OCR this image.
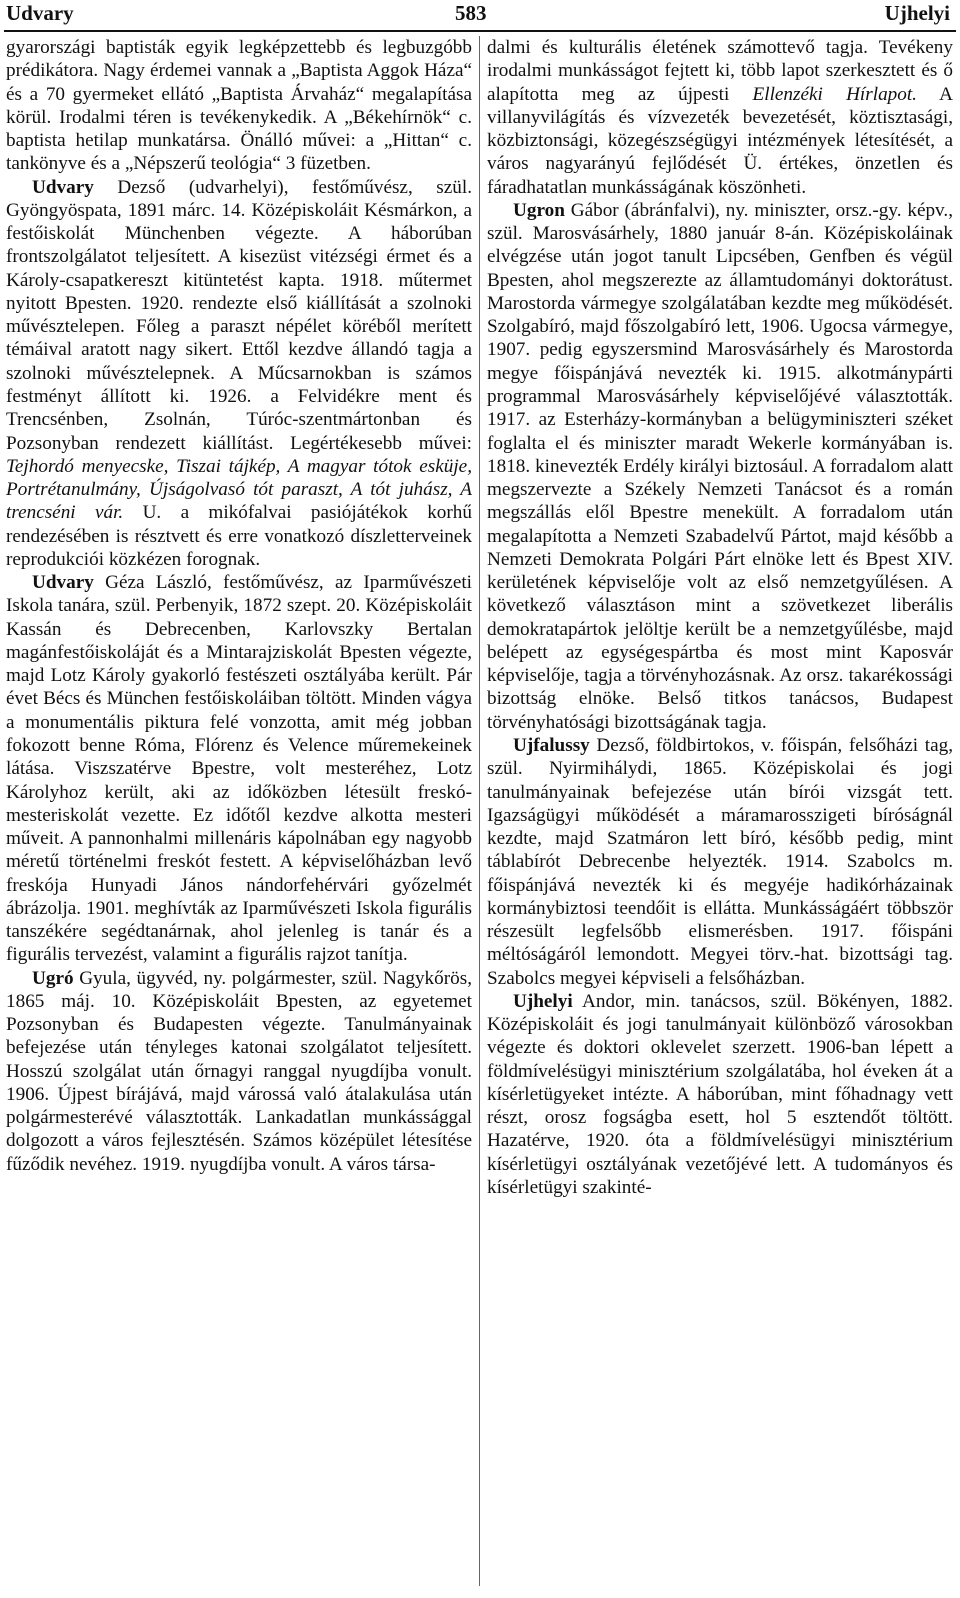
Udvary	583	Ujhelyi

gyarországi baptisták egyik legképzettebb és legbuzgóbb prédikátora. Nagy érdemei vannak a „Baptista Aggok Háza“ és a 70 gyermeket ellátó „Baptista Árvaház“ megalapítása körül. Irodalmi téren is tevékenykedik. A „Békehírnök“ c. baptista hetilap munkatársa. Önálló művei: a „Hittan“ c. tankönyve és a „Népszerű teológia“ 3 füzetben.

Udvary Dezső (udvarhelyi), festőművész, szül. Gyöngyöspata, 1891 márc. 14. Középiskoláit Késmárkon, a festőiskolát Münchenben végezte. A háborúban frontszolgálatot teljesített. A kisezüst vitézségi érmet és a Károly-csapatkereszt kitüntetést kapta. 1918. műtermet nyitott Bpesten. 1920. rendezte első kiállítását a szolnoki művésztelepen. Főleg a paraszt népélet köréből merített témáival aratott nagy sikert. Ettől kezdve állandó tagja a szolnoki művésztelepnek. A Műcsarnokban is számos festményt állított ki. 1926. a Felvidékre ment és Trencsénben, Zsolnán, Túróc-szentmártonban és Pozsonyban rendezett kiállítást. Legértékesebb művei: Tejhordó menyecske, Tiszai tájkép, A magyar tótok esküje, Portrétanulmány, Újságolvasó tót paraszt, A tót juhász, A trencséni vár. U. a mikófalvai pasiójátékok korhű rendezésében is résztvett és erre vonatkozó díszletterveinek reprodukciói közkézen forognak.

Udvary Géza László, festőművész, az Iparművészeti Iskola tanára, szül. Perbenyik, 1872 szept. 20. Középiskoláit Kassán és Debrecenben, Karlovszky Bertalan magánfestőiskoláját és a Mintarajziskolát Bpesten végezte, majd Lotz Károly gyakorló festészeti osztályába került. Pár évet Bécs és München festőiskoláiban töltött. Minden vágya a monumentális piktura felé vonzotta, amit még jobban fokozott benne Róma, Flórenz és Velence műremekeinek látása. Viszszatérve Bpestre, volt mesteréhez, Lotz Károlyhoz került, aki az időközben létesült freskó-mesteriskolát vezette. Ez időtől kezdve alkotta mesteri műveit. A pannonhalmi millenáris kápolnában egy nagyobb méretű történelmi freskót festett. A képviselőházban levő freskója Hunyadi János nándorfehérvári győzelmét ábrázolja. 1901. meghívták az Iparművészeti Iskola figurális tanszékére segédtanárnak, ahol jelenleg is tanár és a figurális tervezést, valamint a figurális rajzot tanítja.

Ugró Gyula, ügyvéd, ny. polgármester, szül. Nagykőrös, 1865 máj. 10. Középiskoláit Bpesten, az egyetemet Pozsonyban és Budapesten végezte. Tanulmányainak befejezése után tényleges katonai szolgálatot teljesített. Hosszú szolgálat után őrnagyi ranggal nyugdíjba vonult. 1906. Újpest bírájává, majd várossá való átalakulása után polgármesterévé választották. Lankadatlan munkássággal dolgozott a város fejlesztésén. Számos középület létesítése fűződik nevéhez. 1919. nyugdíjba vonult. A város társa-

dalmi és kulturális életének számottevő tagja. Tevékeny irodalmi munkásságot fejtett ki, több lapot szerkesztett és ő alapította meg az újpesti Ellenzéki Hírlapot. A villanyvilágítás és vízvezeték bevezetését, köztisztasági, közbiztonsági, közegészségügyi intézmények létesítését, a város nagyarányú fejlődését Ü. értékes, önzetlen és fáradhatatlan munkásságának köszönheti.

Ugron Gábor (ábránfalvi), ny. miniszter, orsz.-gy. képv., szül. Marosvásárhely, 1880 január 8-án. Középiskoláinak elvégzése után jogot tanult Lipcsében, Genfben és végül Bpesten, ahol megszerezte az államtudományi doktorátust. Marostorda vármegye szolgálatában kezdte meg működését. Szolgabíró, majd főszolgabíró lett, 1906. Ugocsa vármegye, 1907. pedig egyszersmind Marosvásárhely és Marostorda megye főispánjává nevezték ki. 1915. alkotmánypárti programmal Marosvásárhely képviselőjévé választották. 1917. az Esterházy-kormányban a belügyminiszteri széket foglalta el és miniszter maradt Wekerle kormányában is. 1818. kinevezték Erdély királyi biztosául. A forradalom alatt megszervezte a Székely Nemzeti Tanácsot és a román megszállás elől Bpestre menekült. A forradalom után megalapította a Nemzeti Szabadelvű Pártot, majd később a Nemzeti Demokrata Polgári Párt elnöke lett és Bpest XIV. kerületének képviselője volt az első nemzetgyűlésen. A következő választáson mint a szövetkezet liberális demokratapártok jelöltje került be a nemzetgyűlésbe, majd belépett az egységespártba és most mint Kaposvár képviselője, tagja a törvényhozásnak. Az orsz. takarékossági bizottság elnöke. Belső titkos tanácsos, Budapest törvényhatósági bizottságának tagja.

Ujfalussy Dezső, földbirtokos, v. főispán, felsőházi tag, szül. Nyirmihálydi, 1865. Középiskolai és jogi tanulmányainak befejezése után bírói vizsgát tett. Igazságügyi működését a máramarosszigeti bíróságnál kezdte, majd Szatmáron lett bíró, később pedig, mint táblabírót Debrecenbe helyezték. 1914. Szabolcs m. főispánjává nevezték ki és megyéje hadikórházainak kormánybiztosi teendőit is ellátta. Munkásságáért többször részesült legfelsőbb elismerésben. 1917. főispáni méltóságáról lemondott. Megyei törv.-hat. bizottsági tag. Szabolcs megyei képviseli a felsőházban.

Ujhelyi Andor, min. tanácsos, szül. Bökényen, 1882. Középiskoláit és jogi tanulmányait különböző városokban végezte és doktori oklevelet szerzett. 1906-ban lépett a földmívelésügyi minisztérium szolgálatába, hol éveken át a kísérletügyeket intézte. A háborúban, mint főhadnagy vett részt, orosz fogságba esett, hol 5 esztendőt töltött. Hazatérve, 1920. óta a földmívelésügyi minisztérium kísérletügyi osztályának vezetőjévé lett. A tudományos és kísérletügyi szakinté-
